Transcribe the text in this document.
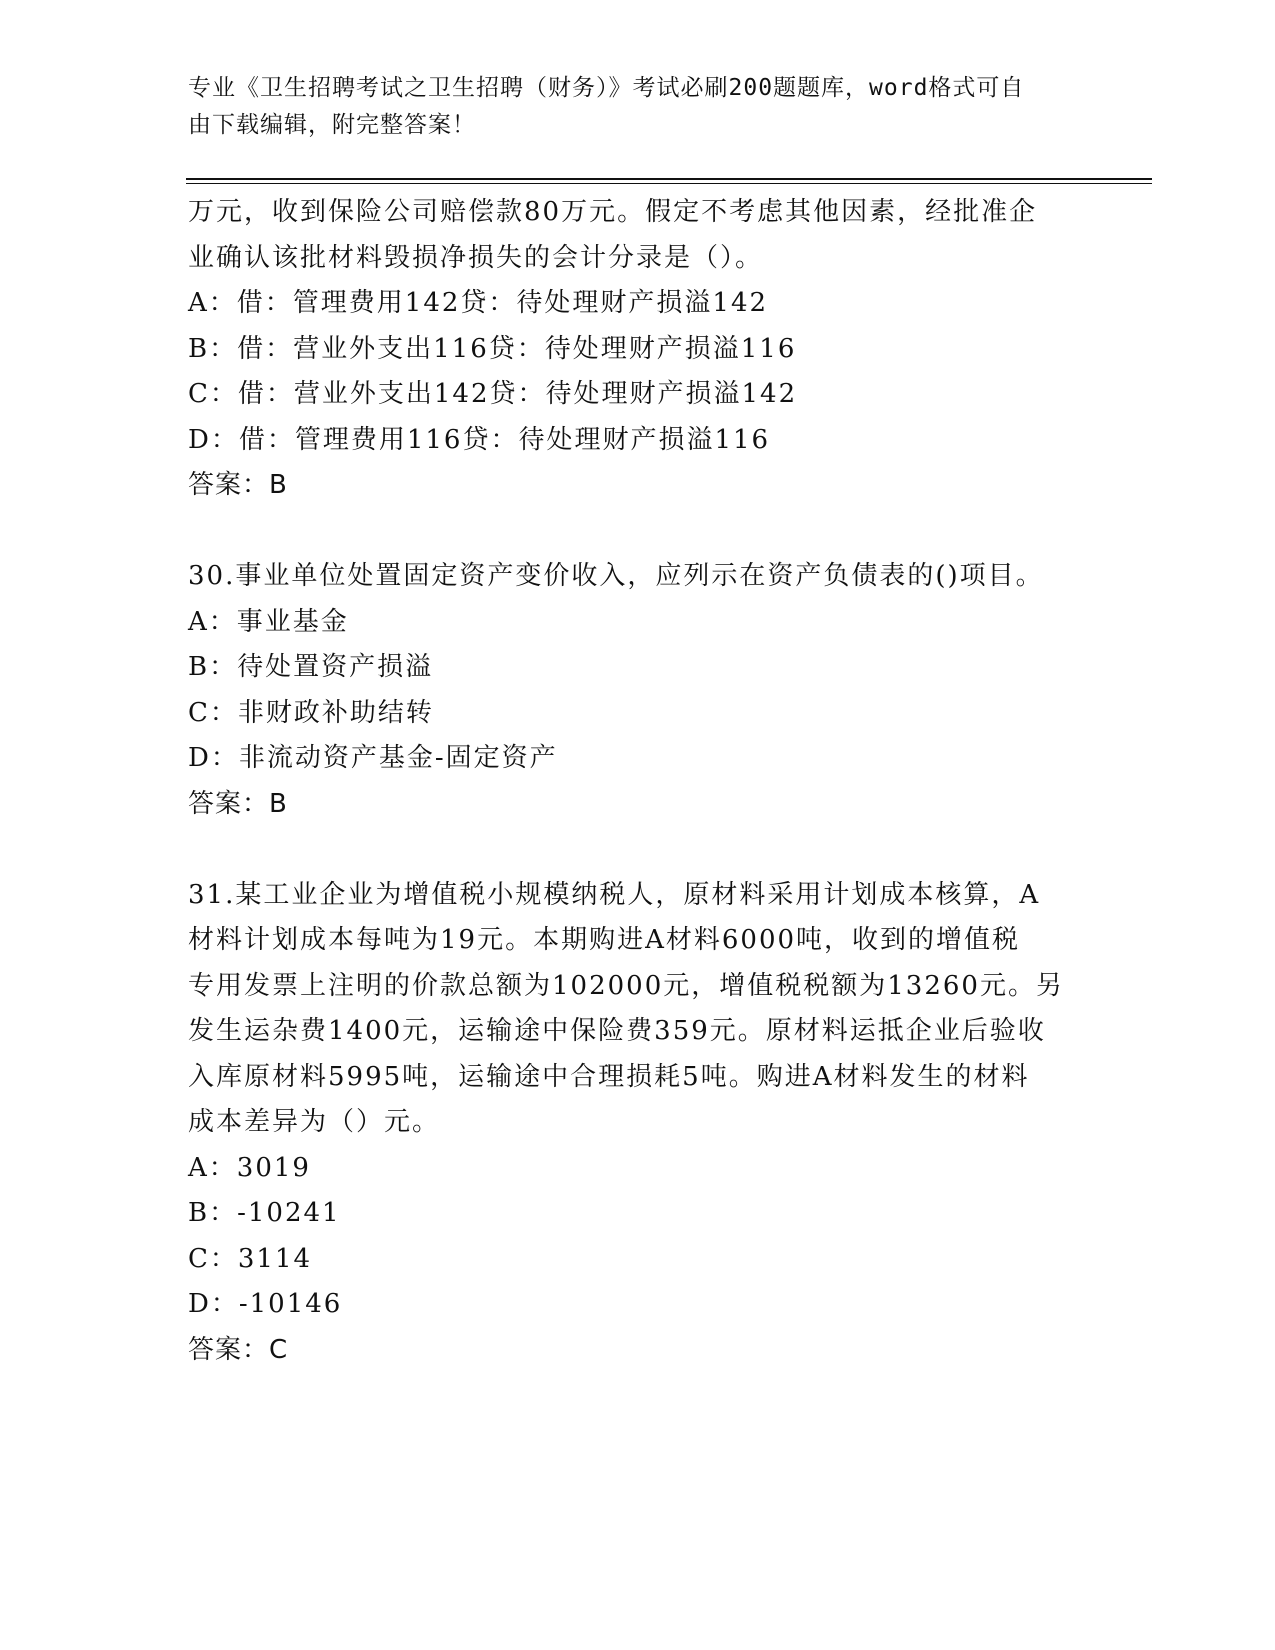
专业《卫生招聘考试之卫生招聘（财务）》考试必刷200题题库，word格式可自
由下载编辑，附完整答案！
万元，收到保险公司赔偿款80万元。假定不考虑其他因素，经批准企
业确认该批材料毁损净损失的会计分录是（）。
A：借：管理费用142贷：待处理财产损溢142
B：借：营业外支出116贷：待处理财产损溢116
C：借：营业外支出142贷：待处理财产损溢142
D：借：管理费用116贷：待处理财产损溢116
答案：B
30.事业单位处置固定资产变价收入，应列示在资产负债表的()项目。
A：事业基金
B：待处置资产损溢
C：非财政补助结转
D：非流动资产基金-固定资产
答案：B
31.某工业企业为增值税小规模纳税人，原材料采用计划成本核算，A
材料计划成本每吨为19元。本期购进A材料6000吨，收到的增值税
专用发票上注明的价款总额为102000元，增值税税额为13260元。另
发生运杂费1400元，运输途中保险费359元。原材料运抵企业后验收
入库原材料5995吨，运输途中合理损耗5吨。购进A材料发生的材料
成本差异为（）元。
A：3019
B：-10241
C：3114
D：-10146
答案：C
